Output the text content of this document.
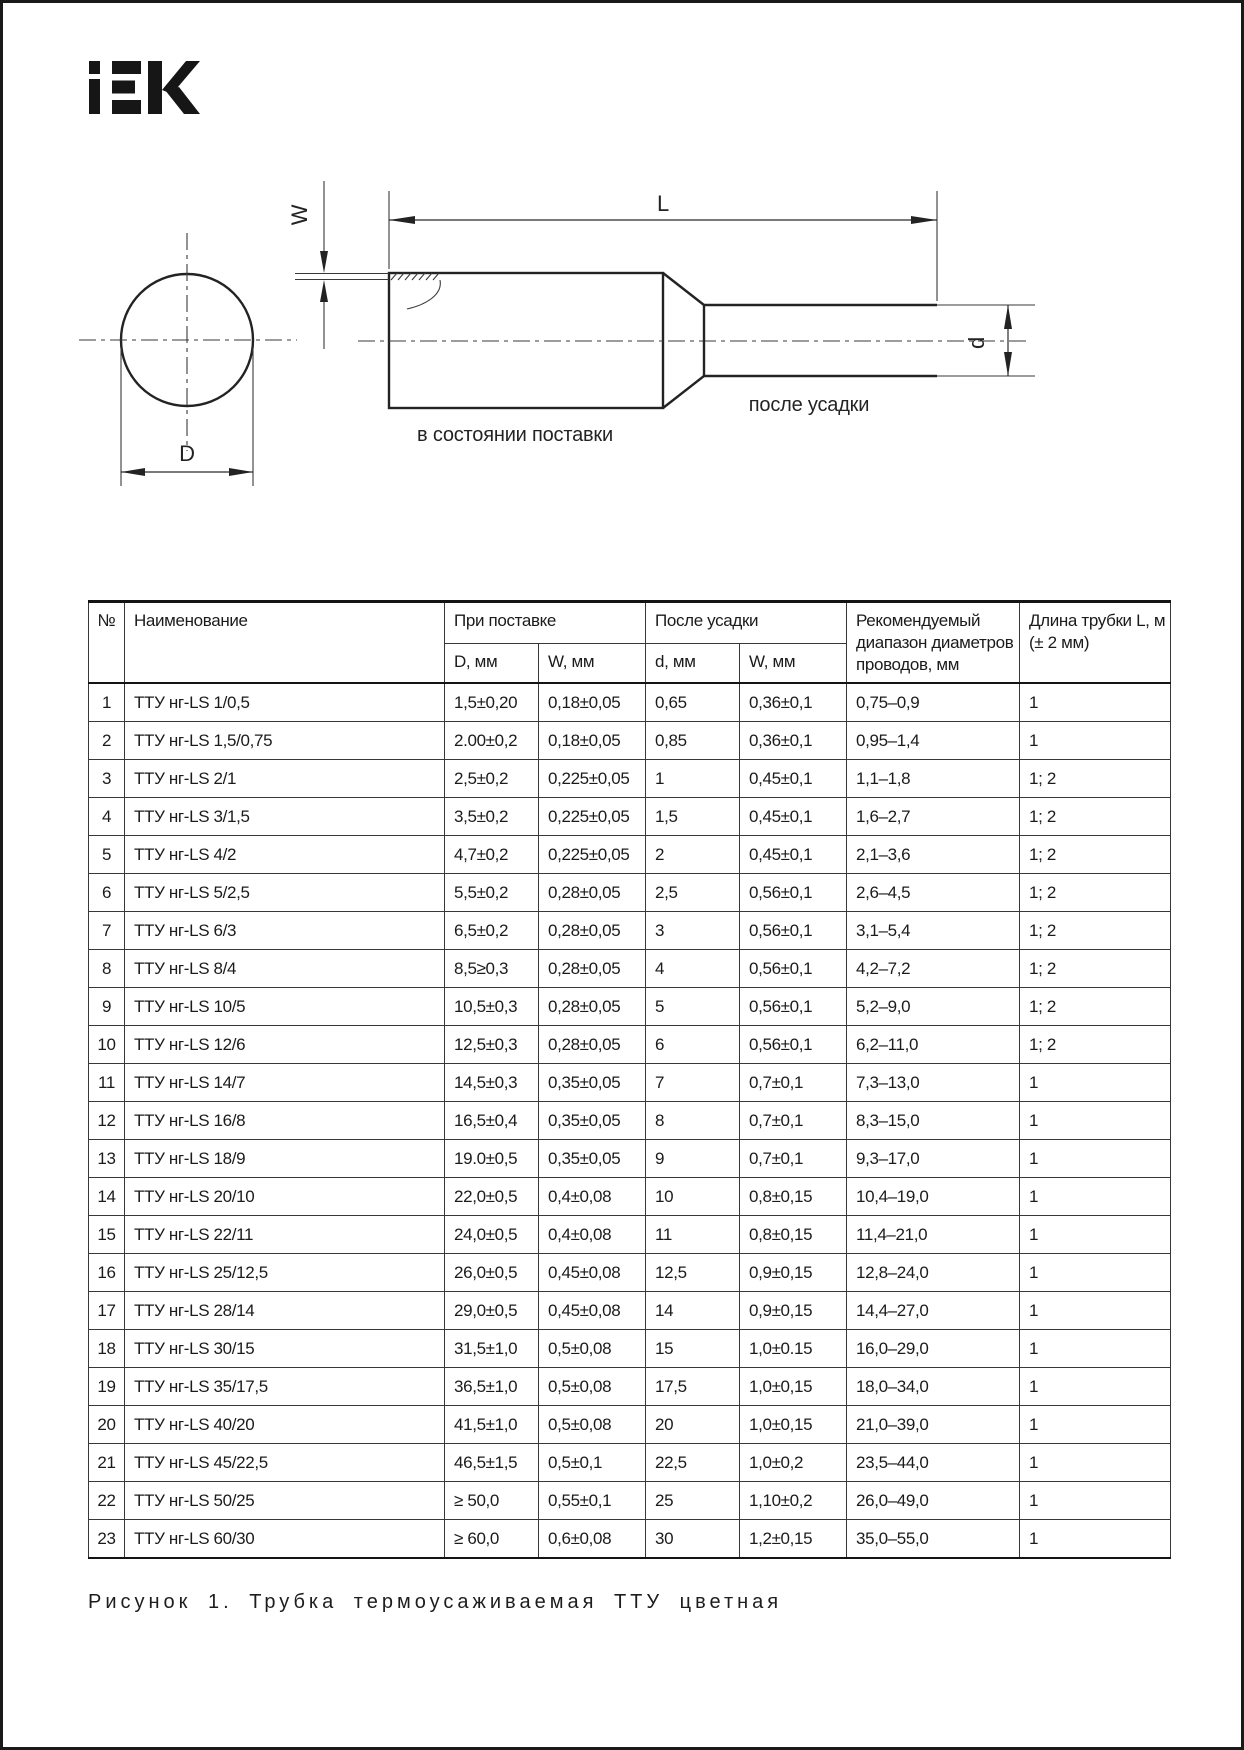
D
W
d
L
в состоянии поставки
после усадки
№	Наименование	При поставке		После усадки		Рекомендуемый диапазон диаметров проводов, мм	Длина трубки L, м (± 2 мм)
		D, мм	W, мм	d, мм	W, мм		
1	ТТУ нг-LS 1/0,5	1,5±0,20	0,18±0,05	0,65	0,36±0,1	0,75–0,9	1
2	ТТУ нг-LS 1,5/0,75	2.00±0,2	0,18±0,05	0,85	0,36±0,1	0,95–1,4	1
3	ТТУ нг-LS 2/1	2,5±0,2	0,225±0,05	1	0,45±0,1	1,1–1,8	1; 2
4	ТТУ нг-LS 3/1,5	3,5±0,2	0,225±0,05	1,5	0,45±0,1	1,6–2,7	1; 2
5	ТТУ нг-LS 4/2	4,7±0,2	0,225±0,05	2	0,45±0,1	2,1–3,6	1; 2
6	ТТУ нг-LS 5/2,5	5,5±0,2	0,28±0,05	2,5	0,56±0,1	2,6–4,5	1; 2
7	ТТУ нг-LS 6/3	6,5±0,2	0,28±0,05	3	0,56±0,1	3,1–5,4	1; 2
8	ТТУ нг-LS 8/4	8,5≥0,3	0,28±0,05	4	0,56±0,1	4,2–7,2	1; 2
9	ТТУ нг-LS 10/5	10,5±0,3	0,28±0,05	5	0,56±0,1	5,2–9,0	1; 2
10	ТТУ нг-LS 12/6	12,5±0,3	0,28±0,05	6	0,56±0,1	6,2–11,0	1; 2
11	ТТУ нг-LS 14/7	14,5±0,3	0,35±0,05	7	0,7±0,1	7,3–13,0	1
12	ТТУ нг-LS 16/8	16,5±0,4	0,35±0,05	8	0,7±0,1	8,3–15,0	1
13	ТТУ нг-LS 18/9	19.0±0,5	0,35±0,05	9	0,7±0,1	9,3–17,0	1
14	ТТУ нг-LS 20/10	22,0±0,5	0,4±0,08	10	0,8±0,15	10,4–19,0	1
15	ТТУ нг-LS 22/11	24,0±0,5	0,4±0,08	11	0,8±0,15	11,4–21,0	1
16	ТТУ нг-LS 25/12,5	26,0±0,5	0,45±0,08	12,5	0,9±0,15	12,8–24,0	1
17	ТТУ нг-LS 28/14	29,0±0,5	0,45±0,08	14	0,9±0,15	14,4–27,0	1
18	ТТУ нг-LS 30/15	31,5±1,0	0,5±0,08	15	1,0±0.15	16,0–29,0	1
19	ТТУ нг-LS 35/17,5	36,5±1,0	0,5±0,08	17,5	1,0±0,15	18,0–34,0	1
20	ТТУ нг-LS 40/20	41,5±1,0	0,5±0,08	20	1,0±0,15	21,0–39,0	1
21	ТТУ нг-LS 45/22,5	46,5±1,5	0,5±0,1	22,5	1,0±0,2	23,5–44,0	1
22	ТТУ нг-LS 50/25	≥ 50,0	0,55±0,1	25	1,10±0,2	26,0–49,0	1
23	ТТУ нг-LS 60/30	≥ 60,0	0,6±0,08	30	1,2±0,15	35,0–55,0	1
Рисунок 1. Трубка термоусаживаемая ТТУ цветная
